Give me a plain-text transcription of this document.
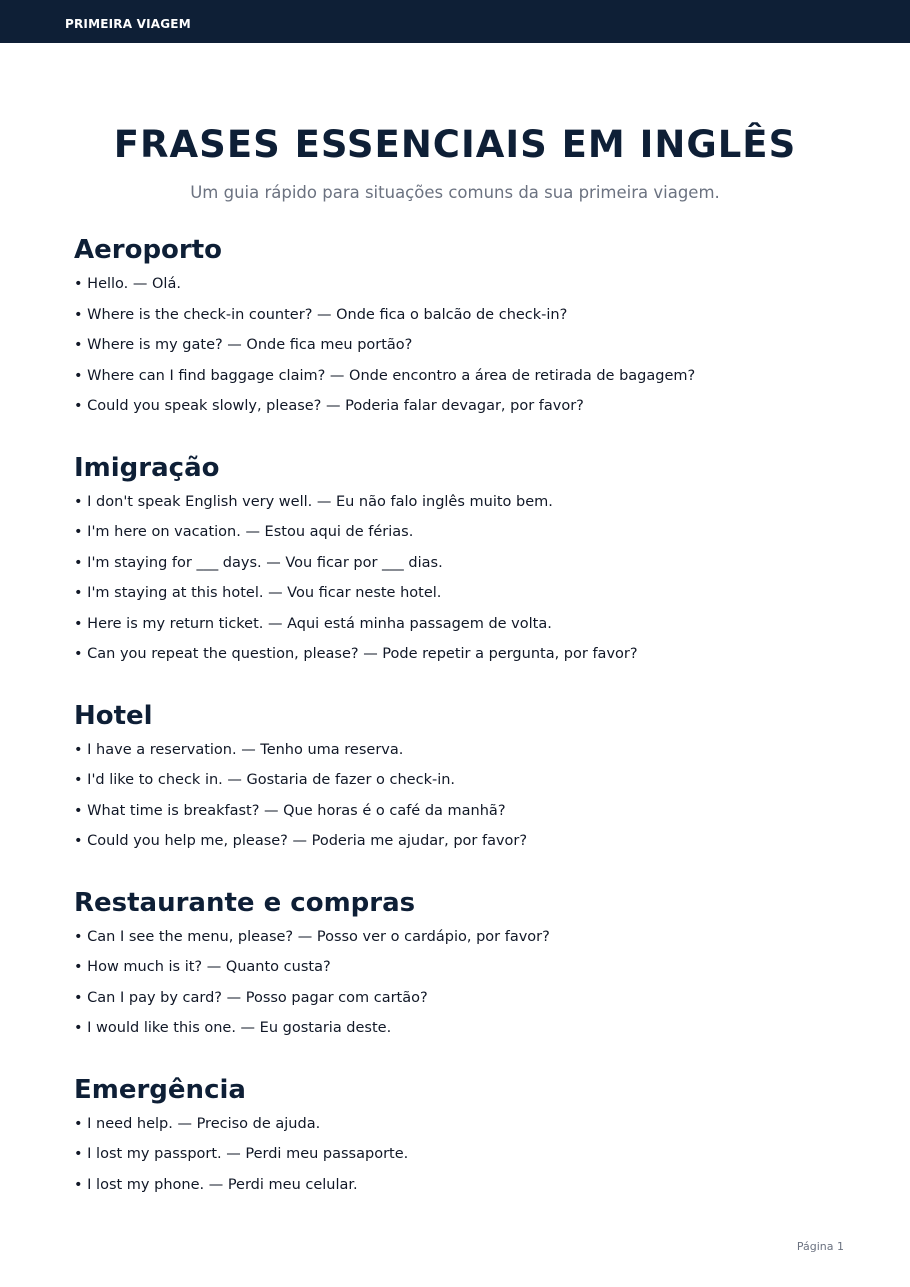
PRIMEIRA VIAGEM
FRASES ESSENCIAIS EM INGLÊS

Um guia rápido para situações comuns da sua primeira viagem.

Aeroporto
• Hello. — Olá.
• Where is the check-in counter? — Onde fica o balcão de check-in?
• Where is my gate? — Onde fica meu portão?
• Where can I find baggage claim? — Onde encontro a área de retirada de bagagem?
• Could you speak slowly, please? — Poderia falar devagar, por favor?
Imigração
• I don't speak English very well. — Eu não falo inglês muito bem.
• I'm here on vacation. — Estou aqui de férias.
• I'm staying for ___ days. — Vou ficar por ___ dias.
• I'm staying at this hotel. — Vou ficar neste hotel.
• Here is my return ticket. — Aqui está minha passagem de volta.
• Can you repeat the question, please? — Pode repetir a pergunta, por favor?
Hotel
• I have a reservation. — Tenho uma reserva.
• I'd like to check in. — Gostaria de fazer o check-in.
• What time is breakfast? — Que horas é o café da manhã?
• Could you help me, please? — Poderia me ajudar, por favor?
Restaurante e compras
• Can I see the menu, please? — Posso ver o cardápio, por favor?
• How much is it? — Quanto custa?
• Can I pay by card? — Posso pagar com cartão?
• I would like this one. — Eu gostaria deste.
Emergência
• I need help. — Preciso de ajuda.
• I lost my passport. — Perdi meu passaporte.
• I lost my phone. — Perdi meu celular.
Página 1
